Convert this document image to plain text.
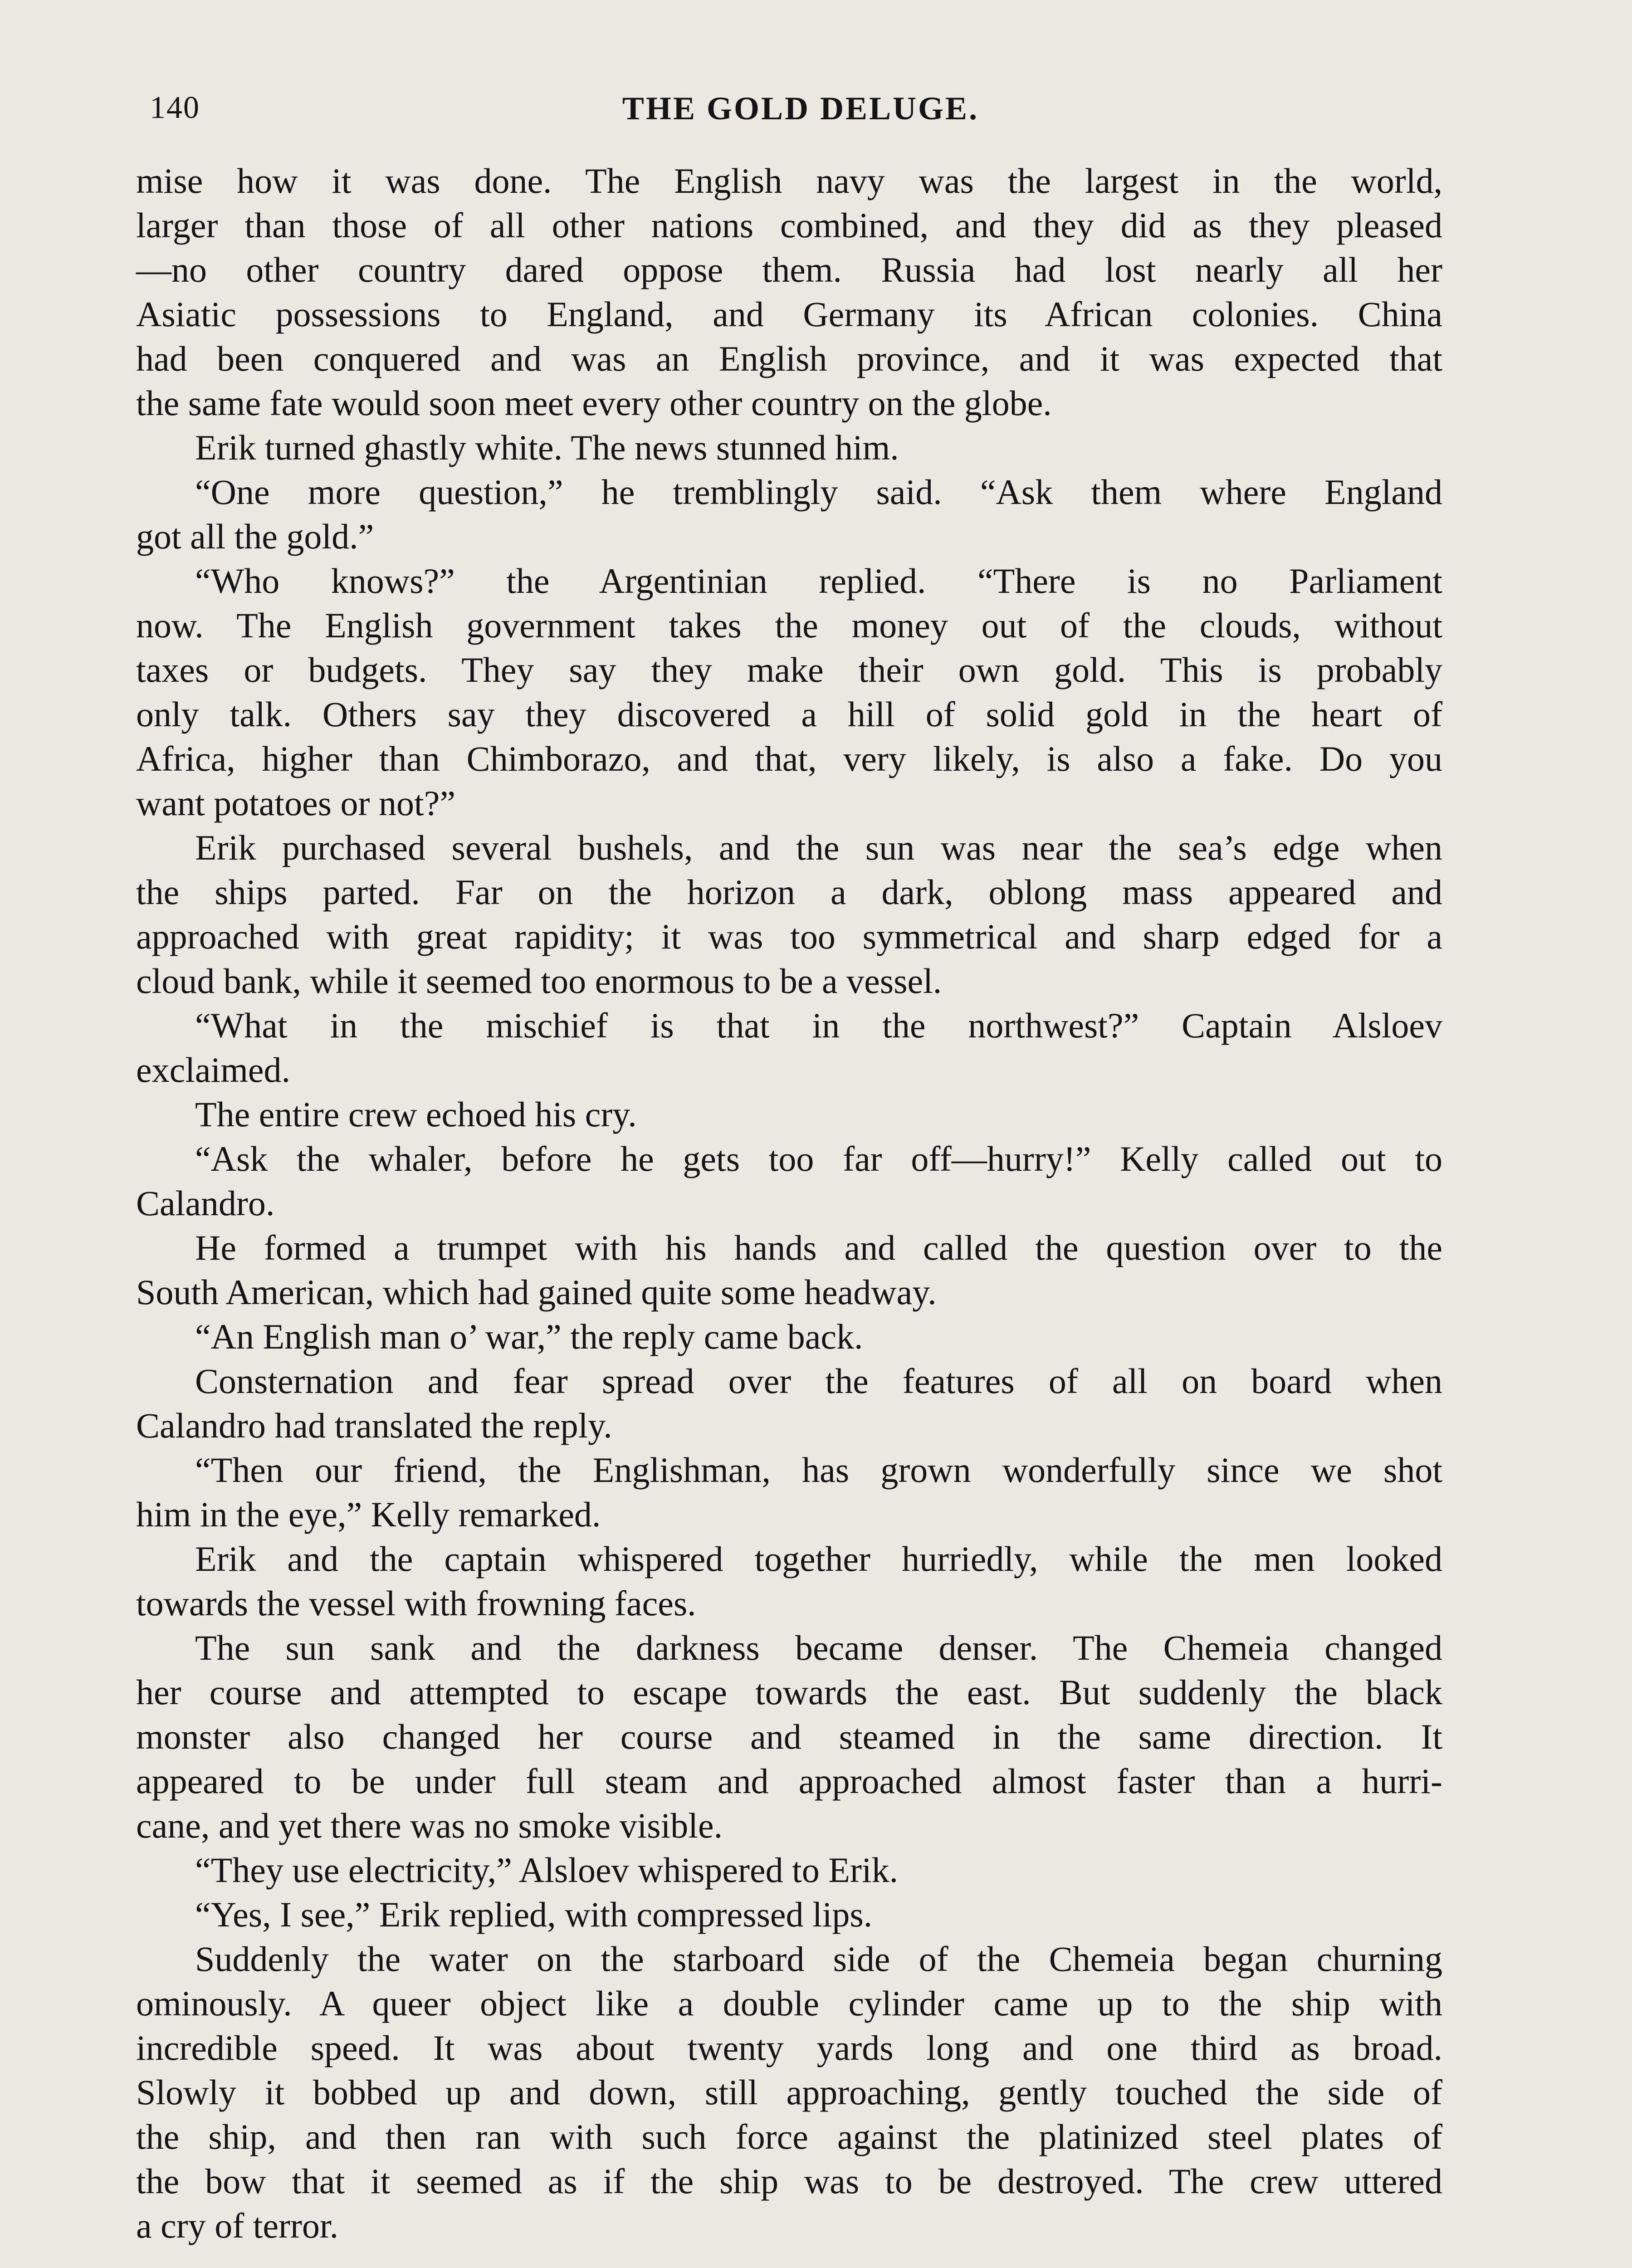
140	THE GOLD DELUGE.
mise how it was done. The English navy was the largest in the world,
larger than those of all other nations combined, and they did as they pleased
—no other country dared oppose them. Russia had lost nearly all her
Asiatic possessions to England, and Germany its African colonies. China
had been conquered and was an English province, and it was expected that
the same fate would soon meet every other country on the globe.
Erik turned ghastly white. The news stunned him.
“One more question,” he tremblingly said. “Ask them where England
got all the gold.”
“Who knows?” the Argentinian replied. “There is no Parliament
now. The English government takes the money out of the clouds, without
taxes or budgets. They say they make their own gold. This is probably
only talk. Others say they discovered a hill of solid gold in the heart of
Africa, higher than Chimborazo, and that, very likely, is also a fake. Do you
want potatoes or not?”
Erik purchased several bushels, and the sun was near the sea’s edge when
the ships parted. Far on the horizon a dark, oblong mass appeared and
approached with great rapidity; it was too symmetrical and sharp edged for a
cloud bank, while it seemed too enormous to be a vessel.
“What in the mischief is that in the northwest?” Captain Alsloev
exclaimed.
The entire crew echoed his cry.
“Ask the whaler, before he gets too far off—hurry!” Kelly called out to
Calandro.
He formed a trumpet with his hands and called the question over to the
South American, which had gained quite some headway.
“An English man o’ war,” the reply came back.
Consternation and fear spread over the features of all on board when
Calandro had translated the reply.
“Then our friend, the Englishman, has grown wonderfully since we shot
him in the eye,” Kelly remarked.
Erik and the captain whispered together hurriedly, while the men looked
towards the vessel with frowning faces.
The sun sank and the darkness became denser. The Chemeia changed
her course and attempted to escape towards the east. But suddenly the black
monster also changed her course and steamed in the same direction. It
appeared to be under full steam and approached almost faster than a hurri-
cane, and yet there was no smoke visible.
“They use electricity,” Alsloev whispered to Erik.
“Yes, I see,” Erik replied, with compressed lips.
Suddenly the water on the starboard side of the Chemeia began churning
ominously. A queer object like a double cylinder came up to the ship with
incredible speed. It was about twenty yards long and one third as broad.
Slowly it bobbed up and down, still approaching, gently touched the side of
the ship, and then ran with such force against the platinized steel plates of
the bow that it seemed as if the ship was to be destroyed. The crew uttered
a cry of terror.
